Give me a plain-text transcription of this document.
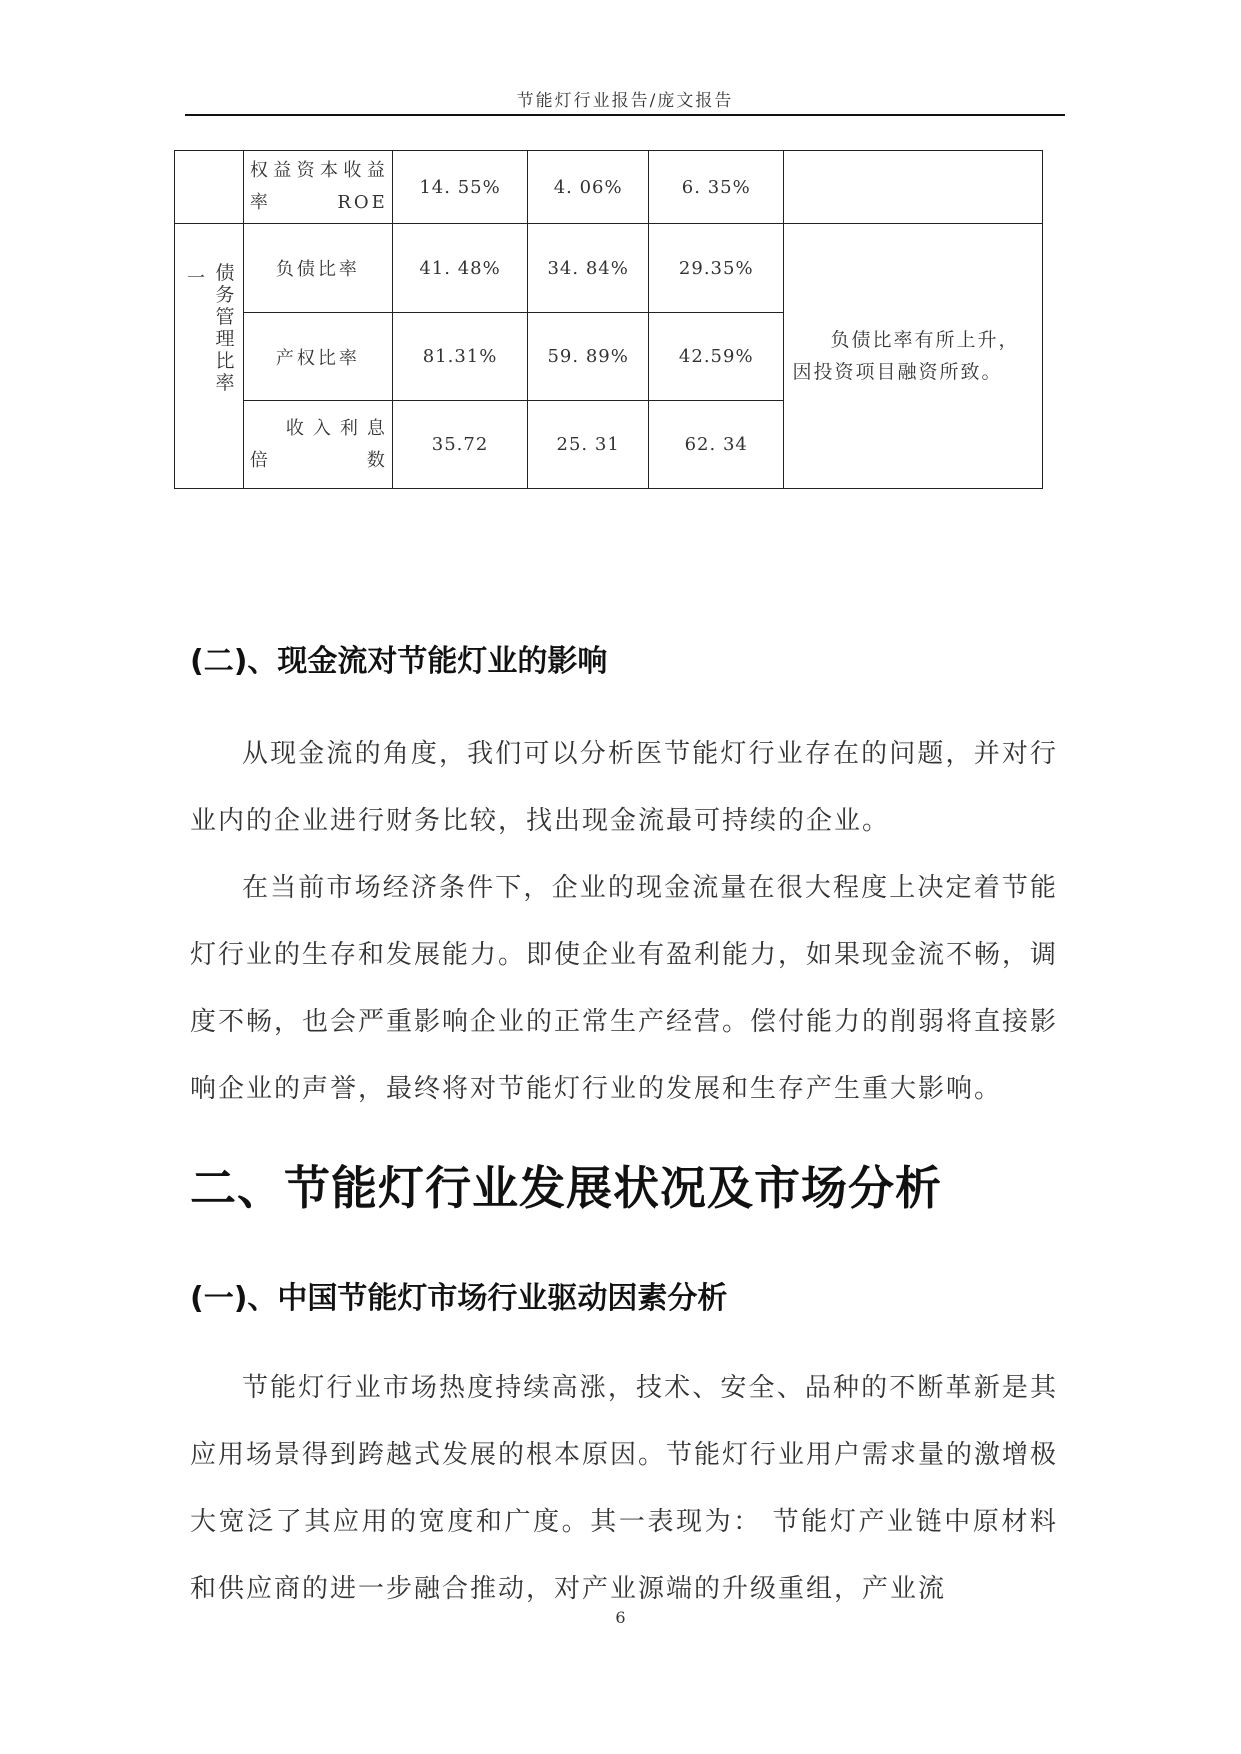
节能灯行业报告/庞文报告
	权益资本收益率ROE	14. 55%	4. 06%	6. 35%	

一 债务管理比率	负债比率	41. 48%	34. 84%	29.35%	负债比率有所上升，因投资项目融资所致。
	产权比率	81.31%	59. 89%	42.59%	
	收入利息倍数	35.72	25. 31	62. 34	
(二)、现金流对节能灯业的影响
从现金流的角度，我们可以分析医节能灯行业存在的问题，并对行业内的企业进行财务比较，找出现金流最可持续的企业。
在当前市场经济条件下，企业的现金流量在很大程度上决定着节能灯行业的生存和发展能力。即使企业有盈利能力，如果现金流不畅，调度不畅，也会严重影响企业的正常生产经营。偿付能力的削弱将直接影响企业的声誉，最终将对节能灯行业的发展和生存产生重大影响。
二、节能灯行业发展状况及市场分析
(一)、中国节能灯市场行业驱动因素分析
节能灯行业市场热度持续高涨，技术、安全、品种的不断革新是其应用场景得到跨越式发展的根本原因。节能灯行业用户需求量的激增极大宽泛了其应用的宽度和广度。其一表现为： 节能灯产业链中原材料和供应商的进一步融合推动，对产业源端的升级重组，产业流
6
